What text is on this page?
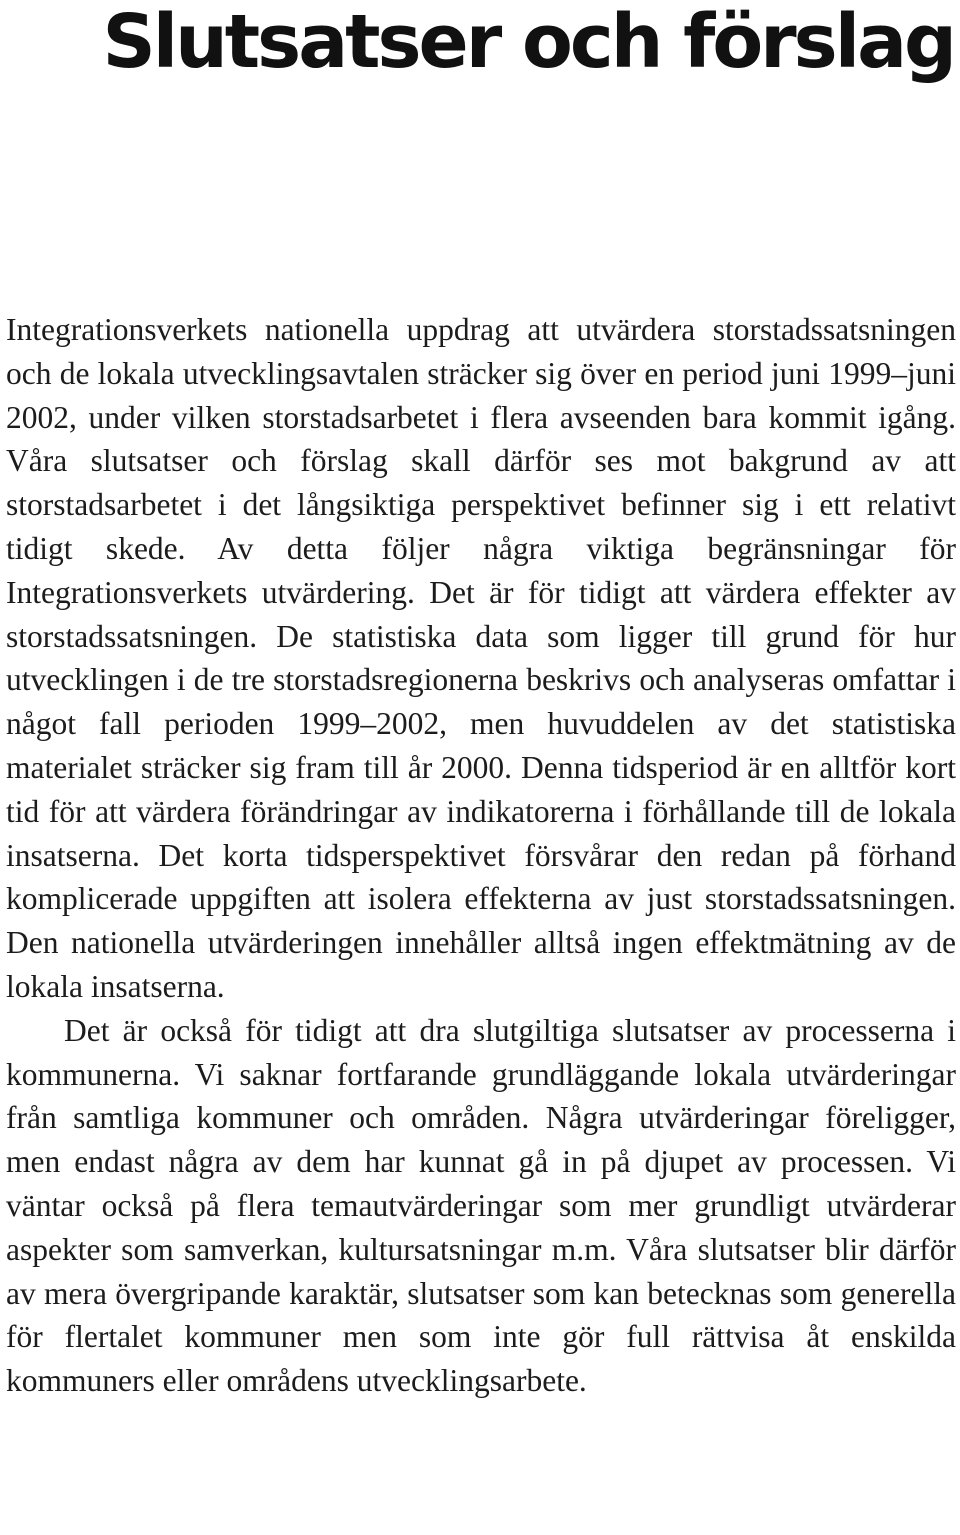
Slutsatser och förslag

Integrationsverkets nationella uppdrag att utvärdera storstadssatsningen och de lokala utvecklingsavtalen sträcker sig över en period juni 1999–juni 2002, under vilken storstadsarbetet i flera avseenden bara kommit igång. Våra slutsatser och förslag skall därför ses mot bakgrund av att storstadsarbetet i det långsiktiga perspektivet befinner sig i ett relativt tidigt skede. Av detta följer några viktiga begränsningar för Integrationsverkets utvärdering. Det är för tidigt att värdera effekter av storstadssatsningen. De statistiska data som ligger till grund för hur utvecklingen i de tre storstadsregionerna beskrivs och analyseras omfattar i något fall perioden 1999–2002, men huvuddelen av det statistiska materialet sträcker sig fram till år 2000. Denna tidsperiod är en alltför kort tid för att värdera förändringar av indikatorerna i förhållande till de lokala insatserna. Det korta tidsperspektivet försvårar den redan på förhand komplicerade uppgiften att isolera effekterna av just storstadssatsningen. Den nationella utvärderingen innehåller alltså ingen effektmätning av de lokala insatserna.

Det är också för tidigt att dra slutgiltiga slutsatser av processerna i kommunerna. Vi saknar fortfarande grundläggande lokala utvärderingar från samtliga kommuner och områden. Några utvärderingar föreligger, men endast några av dem har kunnat gå in på djupet av processen. Vi väntar också på flera temautvärderingar som mer grundligt utvärderar aspekter som samverkan, kultursatsningar m.m. Våra slutsatser blir därför av mera övergripande karaktär, slutsatser som kan betecknas som generella för flertalet kommuner men som inte gör full rättvisa åt enskilda kommuners eller områdens utvecklingsarbete.
